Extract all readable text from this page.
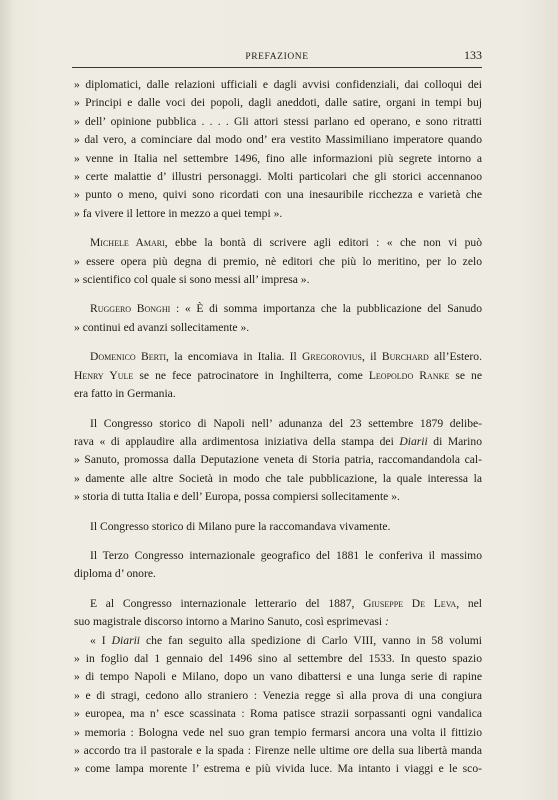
PREFAZIONE	133
» diplomatici, dalle relazioni ufficiali e dagli avvisi confidenziali, dai colloqui dei
» Principi e dalle voci dei popoli, dagli aneddoti, dalle satire, organi in tempi buj
» dell’ opinione pubblica . . . . Gli attori stessi parlano ed operano, e sono ritratti
» dal vero, a cominciare dal modo ond’ era vestito Massimiliano imperatore quando
» venne in Italia nel settembre 1496, fino alle informazioni più segrete intorno a
» certe malattie d’ illustri personaggi. Molti particolari che gli storici accennanoo
» punto o meno, quivi sono ricordati con una inesauribile ricchezza e varietà che
» fa vivere il lettore in mezzo a quei tempi ».
Michele Amari, ebbe la bontà di scrivere agli editori : « che non vi può
» essere opera più degna di premio, nè editori che più lo meritino, per lo zelo
» scientifico col quale si sono messi all’ impresa ».
Ruggero Bonghi : « È di somma importanza che la pubblicazione del Sanudo
» continui ed avanzi sollecitamente ».
Domenico Berti, la encomiava in Italia. Il Gregorovius, il Burchard all’Estero.
Henry Yule se ne fece patrocinatore in Inghilterra, come Leopoldo Ranke se ne
era fatto in Germania.
Il Congresso storico di Napoli nell’ adunanza del 23 settembre 1879 delibe-
rava « di applaudire alla ardimentosa iniziativa della stampa dei Diarii di Marino
» Sanuto, promossa dalla Deputazione veneta di Storia patria, raccomandandola cal-
» damente alle altre Società in modo che tale pubblicazione, la quale interessa la
» storia di tutta Italia e dell’ Europa, possa compiersi sollecitamente ».
Il Congresso storico di Milano pure la raccomandava vivamente.
Il Terzo Congresso internazionale geografico del 1881 le conferiva il massimo
diploma d’ onore.
E al Congresso internazionale letterario del 1887, Giuseppe De Leva, nel
suo magistrale discorso intorno a Marino Sanuto, così esprimevasi :
« I Diarii che fan seguito alla spedizione di Carlo VIII, vanno in 58 volumi
» in foglio dal 1 gennaio del 1496 sino al settembre del 1533. In questo spazio
» di tempo Napoli e Milano, dopo un vano dibattersi e una lunga serie di rapine
» e di stragi, cedono allo straniero : Venezia regge sì alla prova di una congiura
» europea, ma n’ esce scassinata : Roma patisce strazii sorpassanti ogni vandalica
» memoria : Bologna vede nel suo gran tempio fermarsi ancora una volta il fittizio
» accordo tra il pastorale e la spada : Firenze nelle ultime ore della sua libertà manda
» come lampa morente l’ estrema e più vivida luce. Ma intanto i viaggi e le sco-
